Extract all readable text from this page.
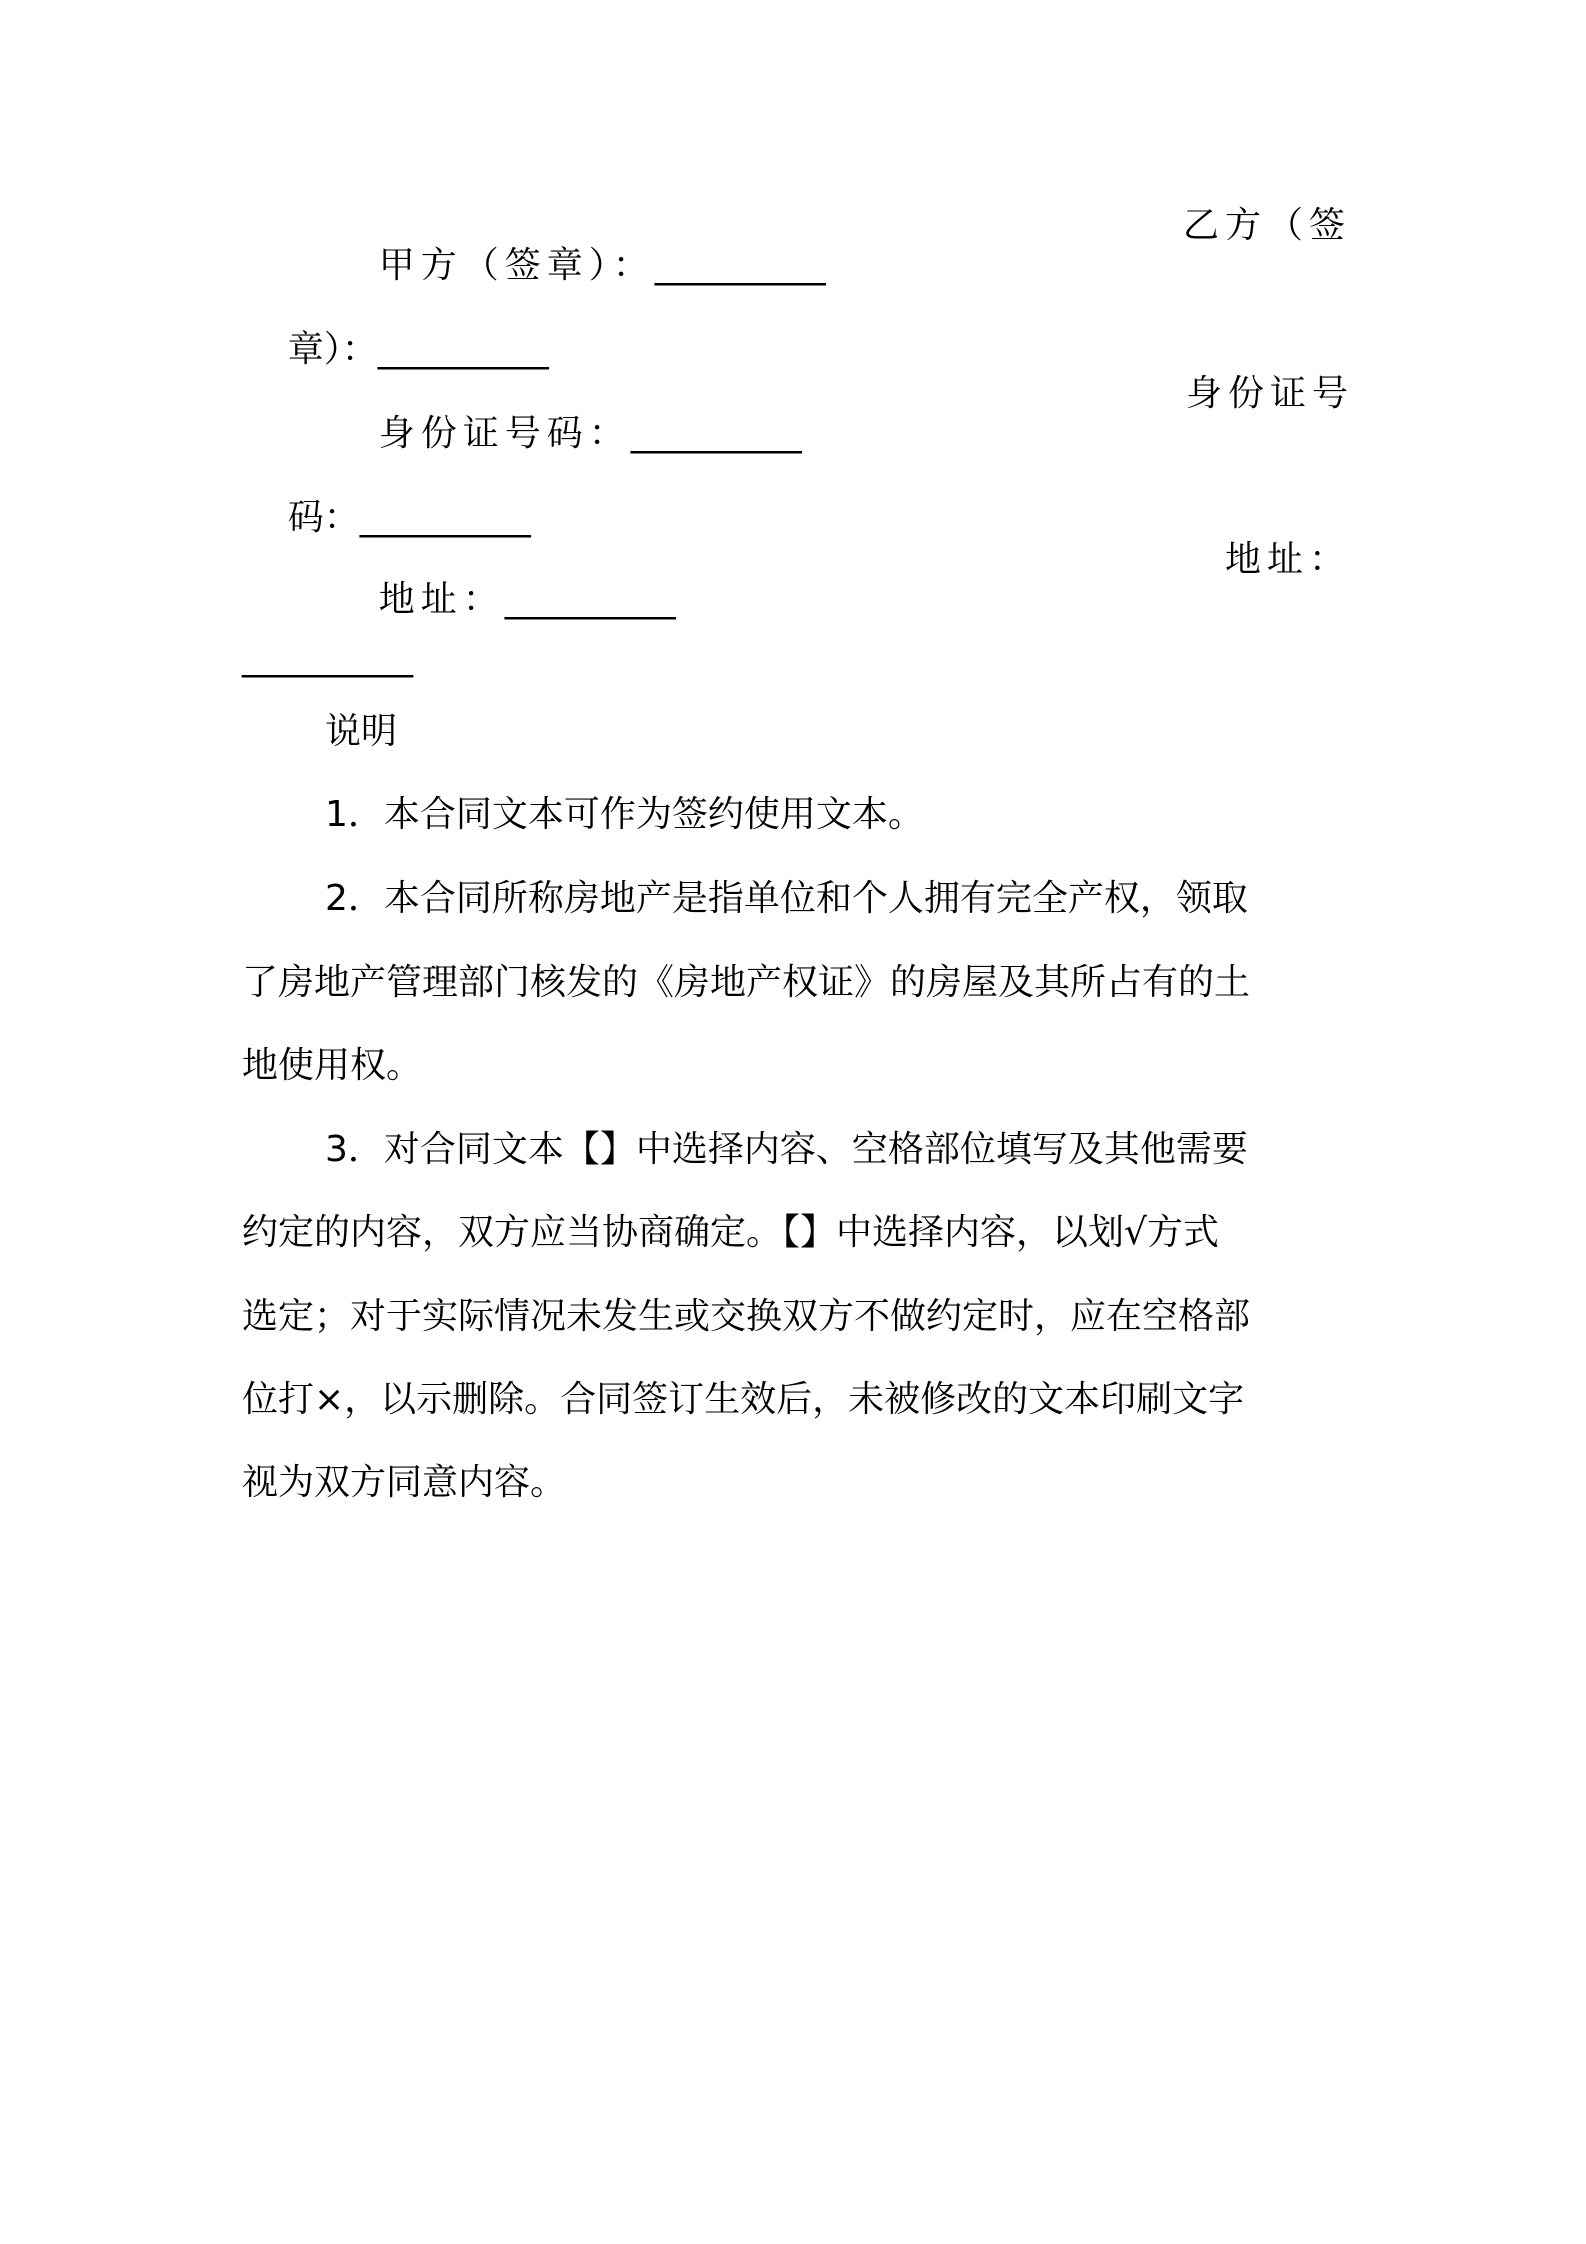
甲方（签章）：__________

乙方（签

章）：__________

身份证号码：__________

身份证号

码：__________

地址：__________

地址：
__________
说明
1．本合同文本可作为签约使用文本。
2．本合同所称房地产是指单位和个人拥有完全产权，领取
了房地产管理部门核发的《房地产权证》的房屋及其所占有的土
地使用权。
3．对合同文本【】中选择内容、空格部位填写及其他需要
约定的内容，双方应当协商确定。【】中选择内容，以划√方式
选定；对于实际情况未发生或交换双方不做约定时，应在空格部
位打×，以示删除。合同签订生效后，未被修改的文本印刷文字
视为双方同意内容。
